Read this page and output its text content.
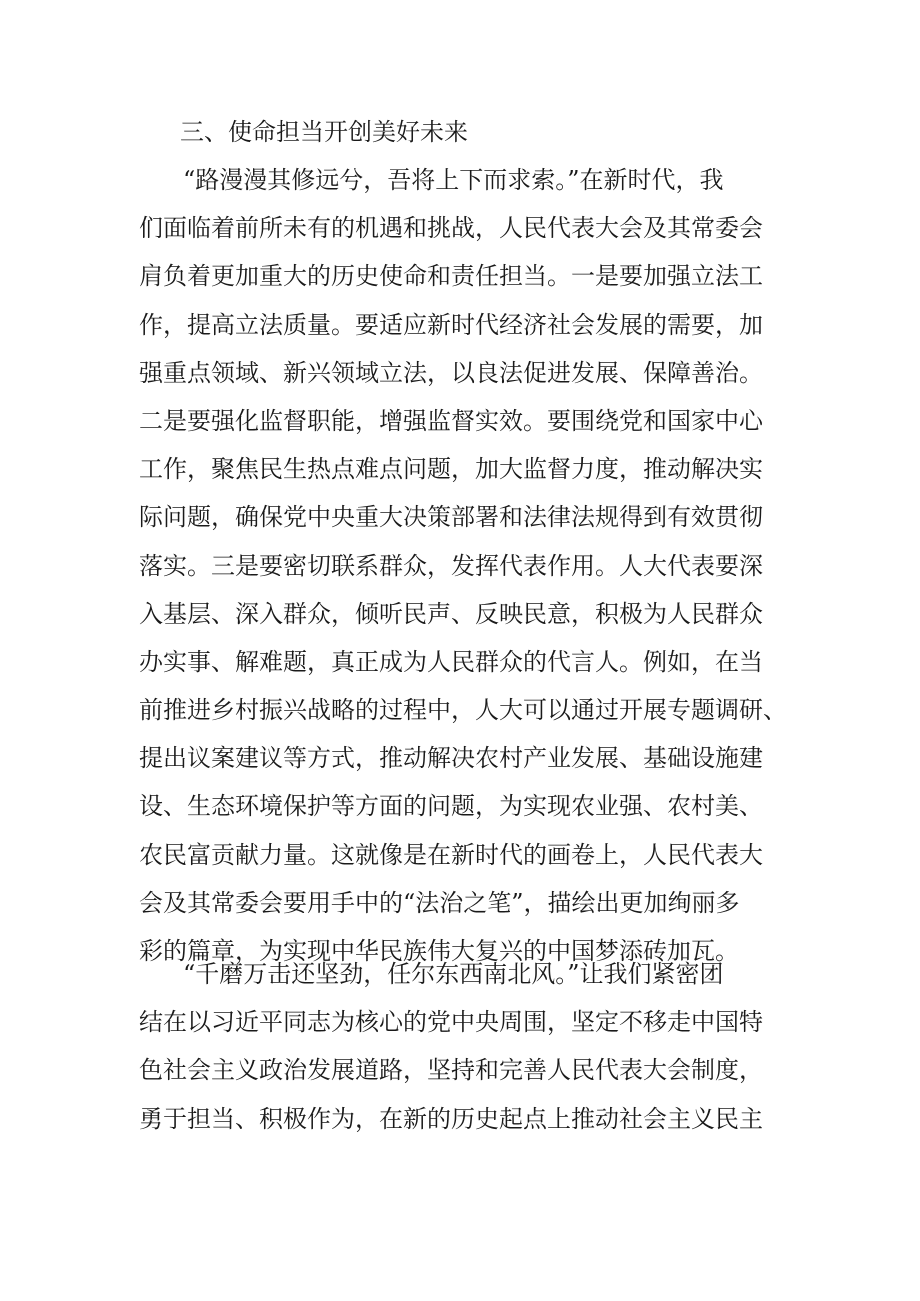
三、使命担当开创美好未来
“路漫漫其修远兮，吾将上下而求索。”在新时代，我
们面临着前所未有的机遇和挑战，人民代表大会及其常委会
肩负着更加重大的历史使命和责任担当。一是要加强立法工
作，提高立法质量。要适应新时代经济社会发展的需要，加
强重点领域、新兴领域立法，以良法促进发展、保障善治。
二是要强化监督职能，增强监督实效。要围绕党和国家中心
工作，聚焦民生热点难点问题，加大监督力度，推动解决实
际问题，确保党中央重大决策部署和法律法规得到有效贯彻
落实。三是要密切联系群众，发挥代表作用。人大代表要深
入基层、深入群众，倾听民声、反映民意，积极为人民群众
办实事、解难题，真正成为人民群众的代言人。例如，在当
前推进乡村振兴战略的过程中，人大可以通过开展专题调研、
提出议案建议等方式，推动解决农村产业发展、基础设施建
设、生态环境保护等方面的问题，为实现农业强、农村美、
农民富贡献力量。这就像是在新时代的画卷上，人民代表大
会及其常委会要用手中的“法治之笔”，描绘出更加绚丽多
彩的篇章，为实现中华民族伟大复兴的中国梦添砖加瓦。
“千磨万击还坚劲，任尔东西南北风。”让我们紧密团
结在以习近平同志为核心的党中央周围，坚定不移走中国特
色社会主义政治发展道路，坚持和完善人民代表大会制度，
勇于担当、积极作为，在新的历史起点上推动社会主义民主
